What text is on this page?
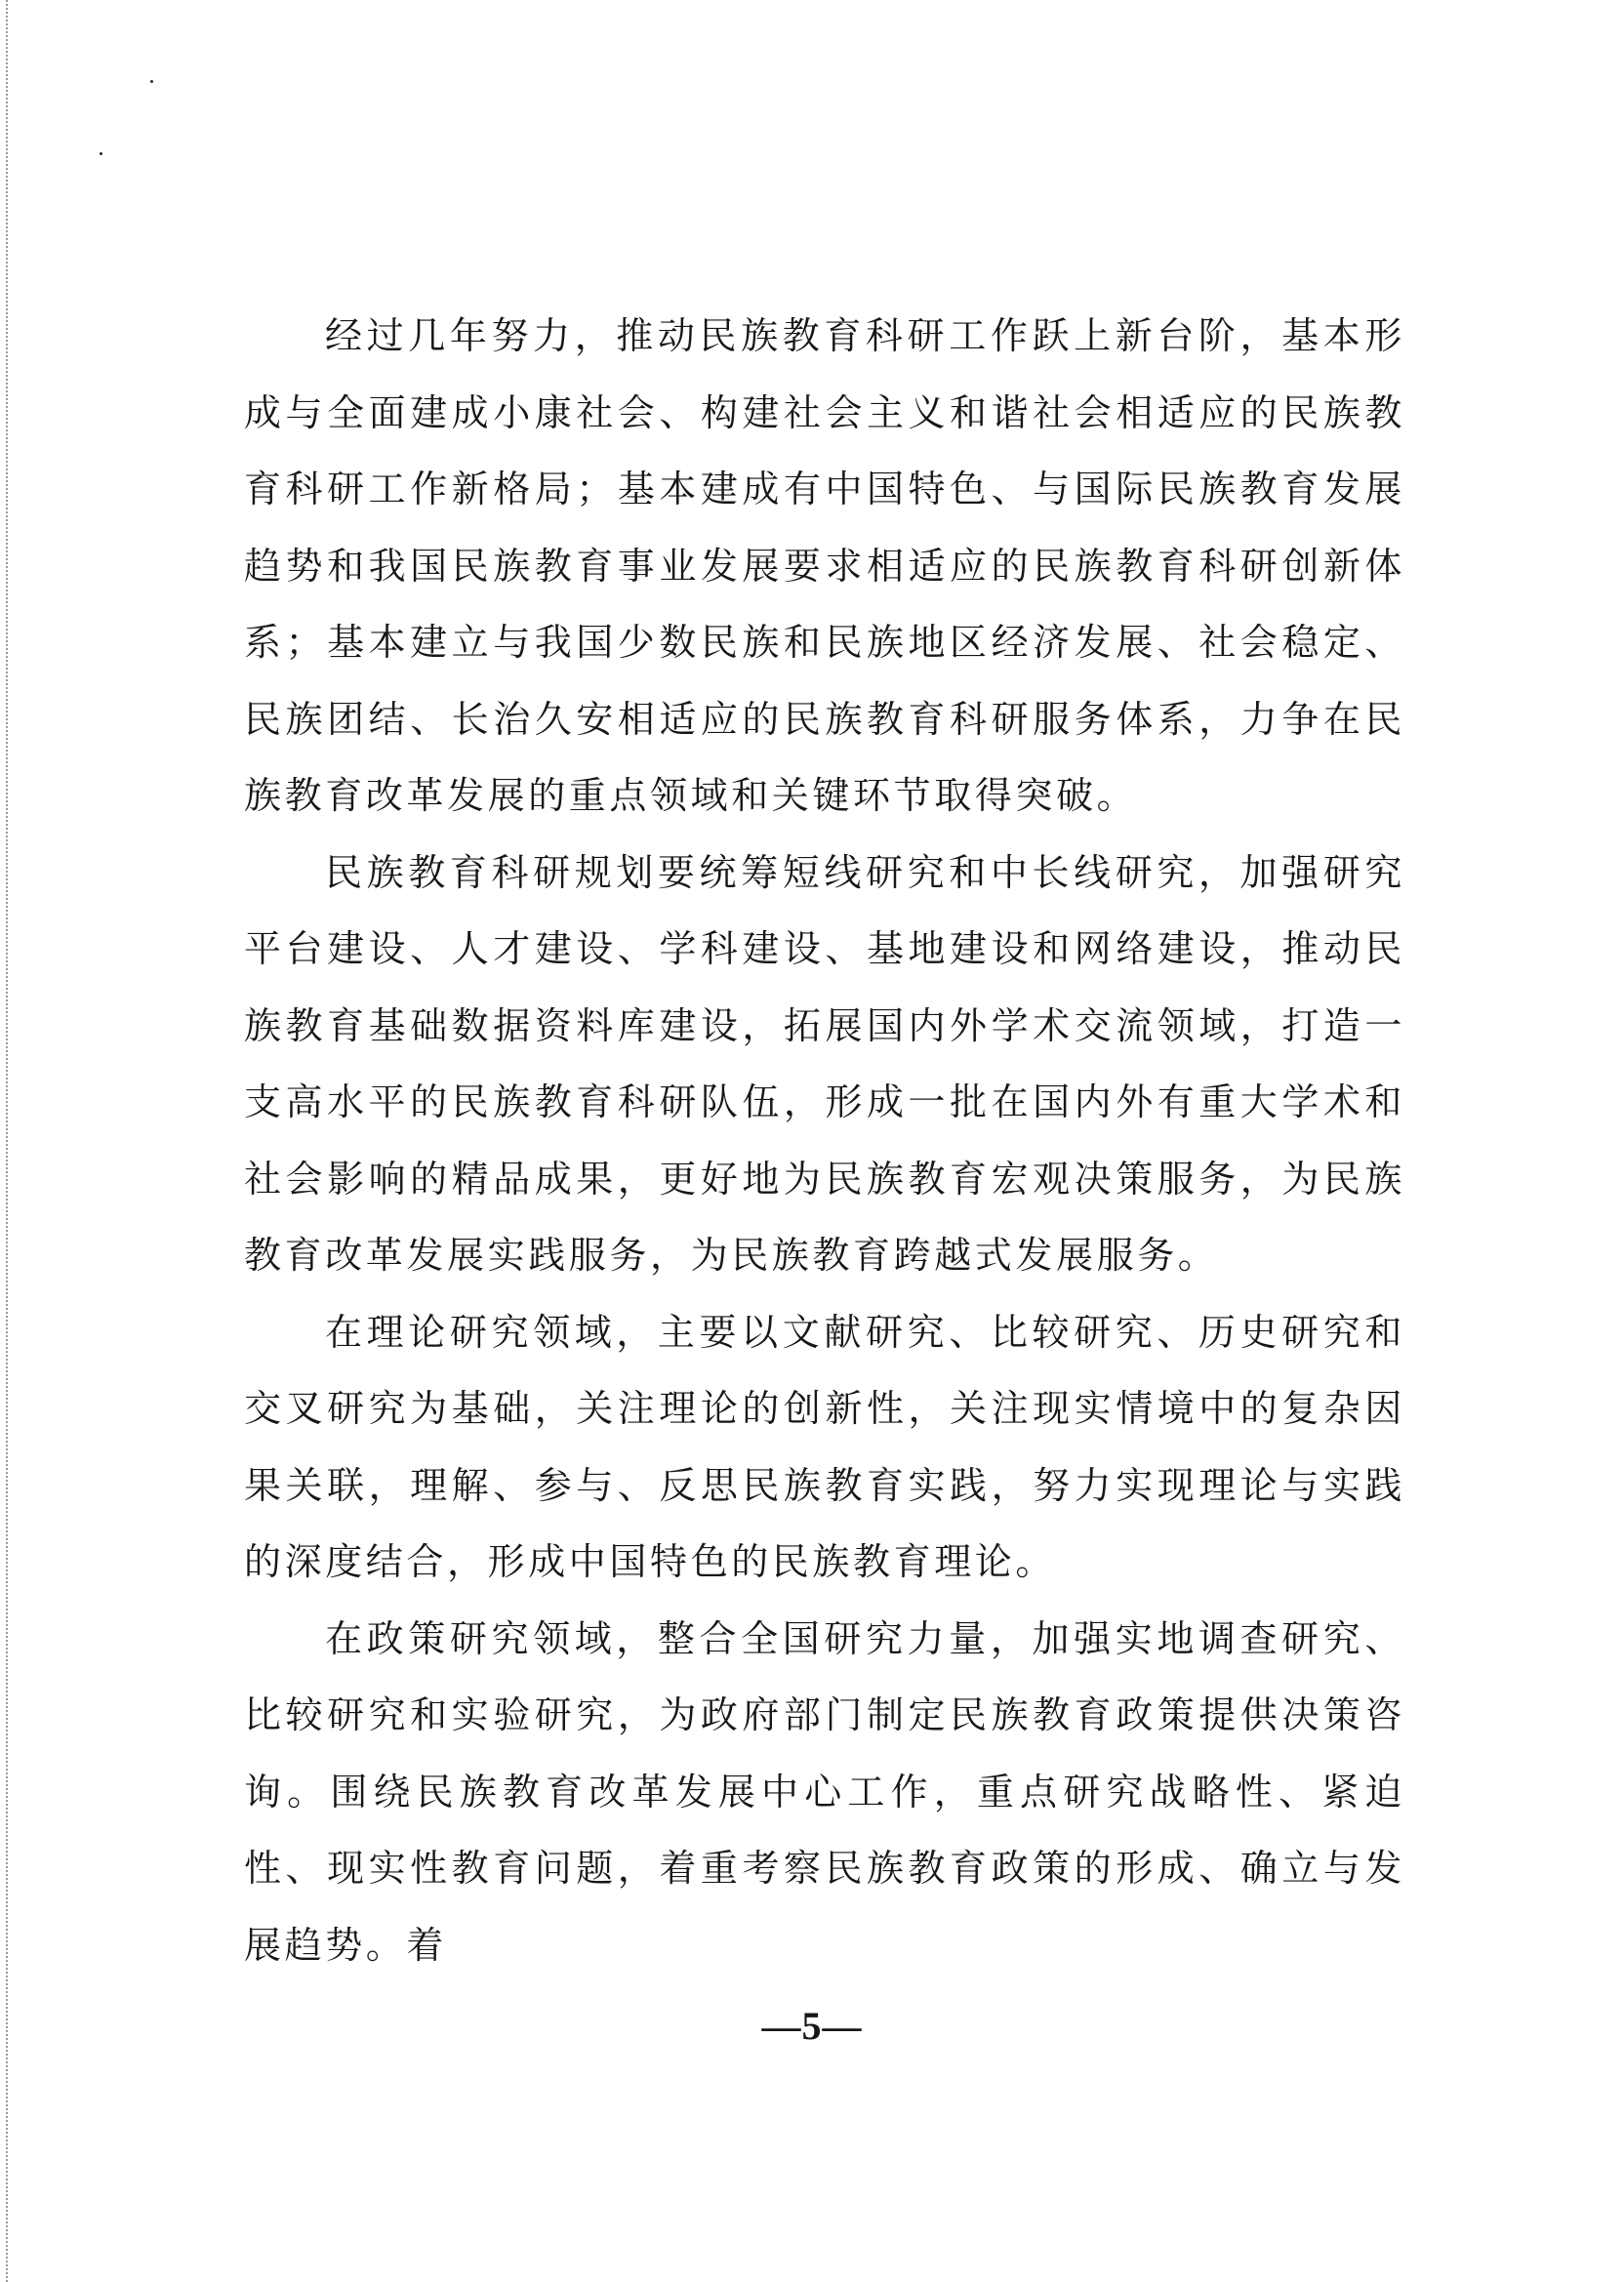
经过几年努力，推动民族教育科研工作跃上新台阶，基本形成与全面建成小康社会、构建社会主义和谐社会相适应的民族教育科研工作新格局；基本建成有中国特色、与国际民族教育发展趋势和我国民族教育事业发展要求相适应的民族教育科研创新体系；基本建立与我国少数民族和民族地区经济发展、社会稳定、民族团结、长治久安相适应的民族教育科研服务体系，力争在民族教育改革发展的重点领域和关键环节取得突破。

民族教育科研规划要统筹短线研究和中长线研究，加强研究平台建设、人才建设、学科建设、基地建设和网络建设，推动民族教育基础数据资料库建设，拓展国内外学术交流领域，打造一支高水平的民族教育科研队伍，形成一批在国内外有重大学术和社会影响的精品成果，更好地为民族教育宏观决策服务，为民族教育改革发展实践服务，为民族教育跨越式发展服务。

在理论研究领域，主要以文献研究、比较研究、历史研究和交叉研究为基础，关注理论的创新性，关注现实情境中的复杂因果关联，理解、参与、反思民族教育实践，努力实现理论与实践的深度结合，形成中国特色的民族教育理论。

在政策研究领域，整合全国研究力量，加强实地调查研究、比较研究和实验研究，为政府部门制定民族教育政策提供决策咨询。围绕民族教育改革发展中心工作，重点研究战略性、紧迫性、现实性教育问题，着重考察民族教育政策的形成、确立与发展趋势。着

—5—
